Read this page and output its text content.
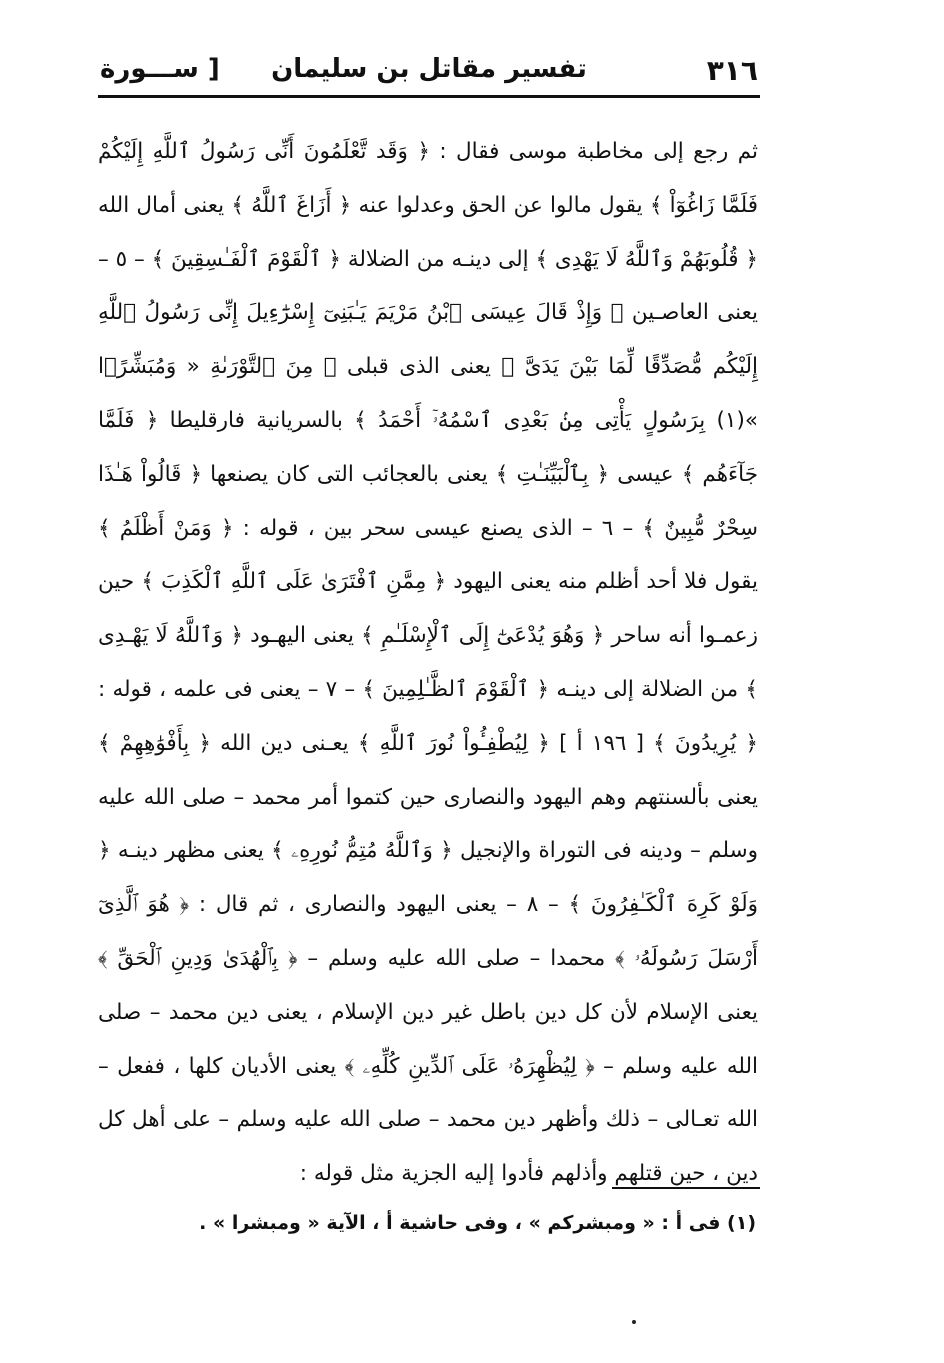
٣١٦
تفسير مقاتل بن سليمان
[ ســـورة

ثم رجع إلى مخاطبة موسى فقال : ﴿ وَقَد تَّعْلَمُونَ أَنِّى رَسُولُ ٱللَّهِ إِلَيْكُمْ فَلَمَّا زَاغُوٓاْ ﴾ يقول مالوا عن الحق وعدلوا عنه ﴿ أَزَاغَ ٱللَّهُ ﴾ يعنى أمال الله ﴿ قُلُوبَهُمْ وَٱللَّهُ لَا يَهْدِى ﴾ إلى دينـه من الضلالة ﴿ ٱلْقَوْمَ ٱلْفَـٰسِقِينَ ﴾ – ٥ – يعنى العاصـين ﴿ وَإِذْ قَالَ عِيسَى ٱبْنُ مَرْيَمَ يَـٰبَنِىٓ إِسْرَٰٓءِيلَ إِنِّى رَسُولُ ٱللَّهِ إِلَيْكُم مُّصَدِّقًا لِّمَا بَيْنَ يَدَىَّ ﴾ يعنى الذى قبلى ﴿ مِنَ ٱلتَّوْرَىٰةِ « وَمُبَشِّرًۢا »(١) بِرَسُولٍ يَأْتِى مِنۢ بَعْدِى ٱسْمُهُۥٓ أَحْمَدُ ﴾ بالسريانية فارقليطا ﴿ فَلَمَّا جَآءَهُم ﴾ عيسى ﴿ بِٱلْبَيِّنَـٰتِ ﴾ يعنى بالعجائب التى كان يصنعها ﴿ قَالُواْ هَـٰذَا سِحْرٌ مُّبِينٌ ﴾ – ٦ – الذى يصنع عيسى سحر بين ، قوله : ﴿ وَمَنْ أَظْلَمُ ﴾ يقول فلا أحد أظلم منه يعنى اليهود ﴿ مِمَّنِ ٱفْتَرَىٰ عَلَى ٱللَّهِ ٱلْكَذِبَ ﴾ حين زعمـوا أنه ساحر ﴿ وَهُوَ يُدْعَىٰٓ إِلَى ٱلْإِسْلَـٰمِ ﴾ يعنى اليهـود ﴿ وَٱللَّهُ لَا يَهْـدِى ﴾ من الضلالة إلى دينـه ﴿ ٱلْقَوْمَ ٱلظَّـٰلِمِينَ ﴾ – ٧ – يعنى فى علمه ، قوله : ﴿ يُرِيدُونَ ﴾ [ ١٩٦ أ ] ﴿ لِيُطْفِـُٔواْ نُورَ ٱللَّهِ ﴾ يعـنى دين الله ﴿ بِأَفْوَٰهِهِمْ ﴾ يعنى بألسنتهم وهم اليهود والنصارى حين كتموا أمر محمد – صلى الله عليه وسلم – ودينه فى التوراة والإنجيل ﴿ وَٱللَّهُ مُتِمُّ نُورِهِۦ ﴾ يعنى مظهر دينـه ﴿ وَلَوْ كَرِهَ ٱلْكَـٰفِرُونَ ﴾ – ٨ – يعنى اليهود والنصارى ، ثم قال : ﴿ هُوَ ٱلَّذِىٓ أَرْسَلَ رَسُولَهُۥ ﴾ محمدا – صلى الله عليه وسلم – ﴿ بِٱلْهُدَىٰ وَدِينِ ٱلْحَقِّ ﴾ يعنى الإسلام لأن كل دين باطل غير دين الإسلام ، يعنى دين محمد – صلى الله عليه وسلم – ﴿ لِيُظْهِرَهُۥ عَلَى ٱلدِّينِ كُلِّهِۦ ﴾ يعنى الأديان كلها ، ففعل – الله تعـالى – ذلك وأظهر دين محمد – صلى الله عليه وسلم – على أهل كل دين ، حين قتلهم وأذلهم فأدوا إليه الجزية مثل قوله :

(١) فى أ : « ومبشركم » ، وفى حاشية أ ، الآية « ومبشرا » .
